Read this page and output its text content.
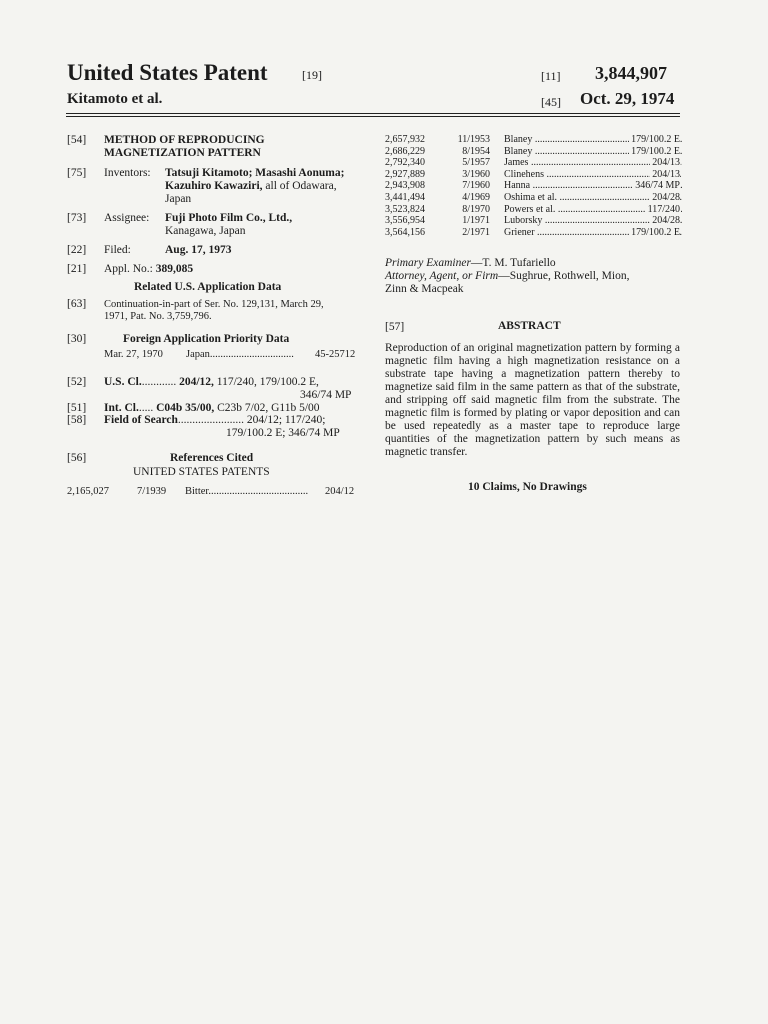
United States Patent	[19]
Kitamoto et al.
[11] 3,844,907
[45] Oct. 29, 1974
[54] METHOD OF REPRODUCING
MAGNETIZATION PATTERN
[75] Inventors: Tatsuji Kitamoto; Masashi Aonuma;
Kazuhiro Kawaziri, all of Odawara,
Japan
[73] Assignee: Fuji Photo Film Co., Ltd.,
Kanagawa, Japan
[22] Filed:	Aug. 17, 1973
[21] Appl. No.: 389,085
Related U.S. Application Data
[63] Continuation-in-part of Ser. No. 129,131, March 29,
1971, Pat. No. 3,759,796.
[30]	Foreign Application Priority Data
Mar. 27, 1970 Japan................................ 45-25712
[52] U.S. Cl............. 204/12, 117/240, 179/100.2 E,
346/74 MP
[51] Int. Cl...... C04b 35/00, C23b 7/02, G11b 5/00
[58] Field of Search....................... 204/12; 117/240;
179/100.2 E; 346/74 MP
[56]	References Cited
UNITED STATES PATENTS
2,165,027	7/1939 Bitter...................................... 204/12
2,657,932	11/1953 Blaney .....	179/100.2 E
2,686,229	8/1954 Blaney .....	179/100.2 E
2,792,340	5/1957 James .....	204/13
2,927,889	3/1960 Clinehens .....	204/13
2,943,908	7/1960 Hanna .....	346/74 MP
3,441,494	4/1969 Oshima et al. .....	204/28
3,523,824	8/1970 Powers et al. .....	117/240
3,556,954	1/1971 Luborsky .....	204/28
3,564,156	2/1971 Griener .....	179/100.2 E
Primary Examiner—T. M. Tufariello
Attorney, Agent, or Firm—Sughrue, Rothwell, Mion,
Zinn & Macpeak
[57]	ABSTRACT
Reproduction of an original magnetization pattern by forming a magnetic film having a high magnetization resistance on a substrate tape having a magnetization pattern thereby to magnetize said film in the same pattern as that of the substrate, and stripping off said magnetic film from the substrate. The magnetic film is formed by plating or vapor deposition and can be used repeatedly as a master tape to reproduce large quantities of the magnetization pattern by such means as magnetic transfer.
10 Claims, No Drawings
